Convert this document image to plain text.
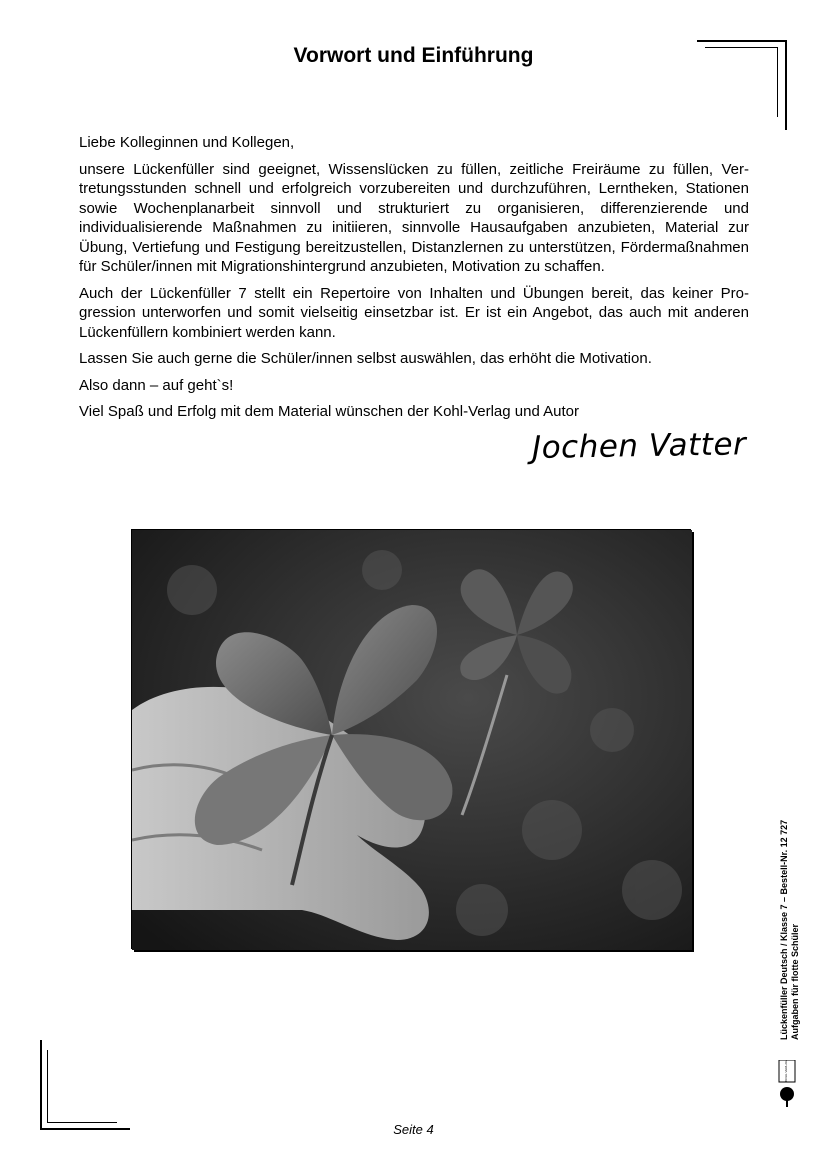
Vorwort und Einführung

Liebe Kolleginnen und Kollegen,

unsere Lückenfüller sind geeignet, Wissenslücken zu füllen, zeitliche Freiräume zu füllen, Vertretungsstunden schnell und erfolgreich vorzubereiten und durchzuführen, Lerntheken, Stationen sowie Wochenplanarbeit sinnvoll und strukturiert zu organisieren, differenzierende und individualisierende Maßnahmen zu initiieren, sinnvolle Hausaufgaben anzubieten, Material zur Übung, Vertiefung und Festigung bereitzustellen, Distanzlernen zu unterstützen, Fördermaßnahmen für Schüler/innen mit Migrationshintergrund anzubieten, Motivation zu schaffen.

Auch der Lückenfüller 7 stellt ein Repertoire von Inhalten und Übungen bereit, das keiner Progression unterworfen und somit vielseitig einsetzbar ist. Er ist ein Angebot, das auch mit anderen Lückenfüllern kombiniert werden kann.

Lassen Sie auch gerne die Schüler/innen selbst auswählen, das erhöht die Motivation.

Also dann – auf geht`s!

Viel Spaß und Erfolg mit dem Material wünschen der Kohl-Verlag und Autor

Jochen Vatter
Lückenfüller Deutsch / Klasse 7 – Bestell-Nr. 12 727 Aufgaben für flotte Schüler
KOHL VERLAG
Seite 4
